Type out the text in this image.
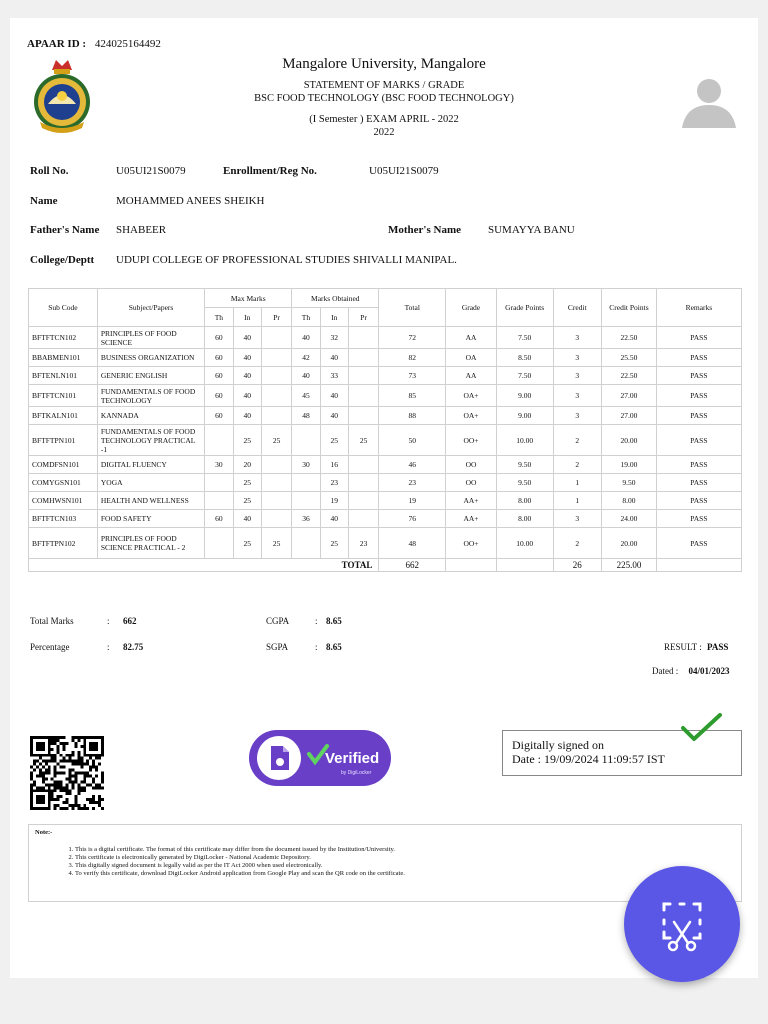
APAAR ID : 424025164492
Mangalore University, Mangalore
STATEMENT OF MARKS / GRADE
BSC FOOD TECHNOLOGY (BSC FOOD TECHNOLOGY)
(I Semester ) EXAM APRIL - 2022
2022
Roll No.	U05UI21S0079	Enrollment/Reg No.	U05UI21S0079
Name	MOHAMMED ANEES SHEIKH
Father's Name SHABEER	Mother's Name SUMAYYA BANU
College/Deptt UDUPI COLLEGE OF PROFESSIONAL STUDIES SHIVALLI MANIPAL.
Sub Code	Subject/Papers	Max Marks			Marks Obtained			Total	Grade	Grade Points	Credit	Credit Points	Remarks
		Th	In	Pr	Th	In	Pr						
BFTFTCN102	PRINCIPLES OF FOOD SCIENCE	60	40		40	32		72	AA	7.50	3	22.50	PASS
BBABMEN101	BUSINESS ORGANIZATION	60	40		42	40		82	OA	8.50	3	25.50	PASS
BFTENLN101	GENERIC ENGLISH	60	40		40	33		73	AA	7.50	3	22.50	PASS
BFTFTCN101	FUNDAMENTALS OF FOOD TECHNOLOGY	60	40		45	40		85	OA+	9.00	3	27.00	PASS
BFTKALN101	KANNADA	60	40		48	40		88	OA+	9.00	3	27.00	PASS
BFTFTPN101	FUNDAMENTALS OF FOOD TECHNOLOGY PRACTICAL -1		25	25		25	25	50	OO+	10.00	2	20.00	PASS
COMDFSN101	DIGITAL FLUENCY	30	20		30	16		46	OO	9.50	2	19.00	PASS
COMYGSN101	YOGA		25			23		23	OO	9.50	1	9.50	PASS
COMHWSN101	HEALTH AND WELLNESS		25			19		19	AA+	8.00	1	8.00	PASS
BFTFTCN103	FOOD SAFETY	60	40		36	40		76	AA+	8.00	3	24.00	PASS
BFTFTPN102	PRINCIPLES OF FOOD SCIENCE PRACTICAL - 2		25	25		25	23	48	OO+	10.00	2	20.00	PASS
TOTAL								662			26	225.00	
Total Marks	: 662	CGPA	: 8.65
Percentage	: 82.75	SGPA	: 8.65	RESULT : PASS
Dated : 04/01/2023
Verified
by DigiLocker
Digitally signed on
Date : 19/09/2024 11:09:57 IST
Note:-
1. This is a digital certificate. The format of this certificate may differ from the document issued by the Institution/University.
2. This certificate is electronically generated by DigiLocker - National Academic Depository.
3. This digitally signed document is legally valid as per the IT Act 2000 when used electronically.
4. To verify this certificate, download DigiLocker Android application from Google Play and scan the QR code on the certificate.
